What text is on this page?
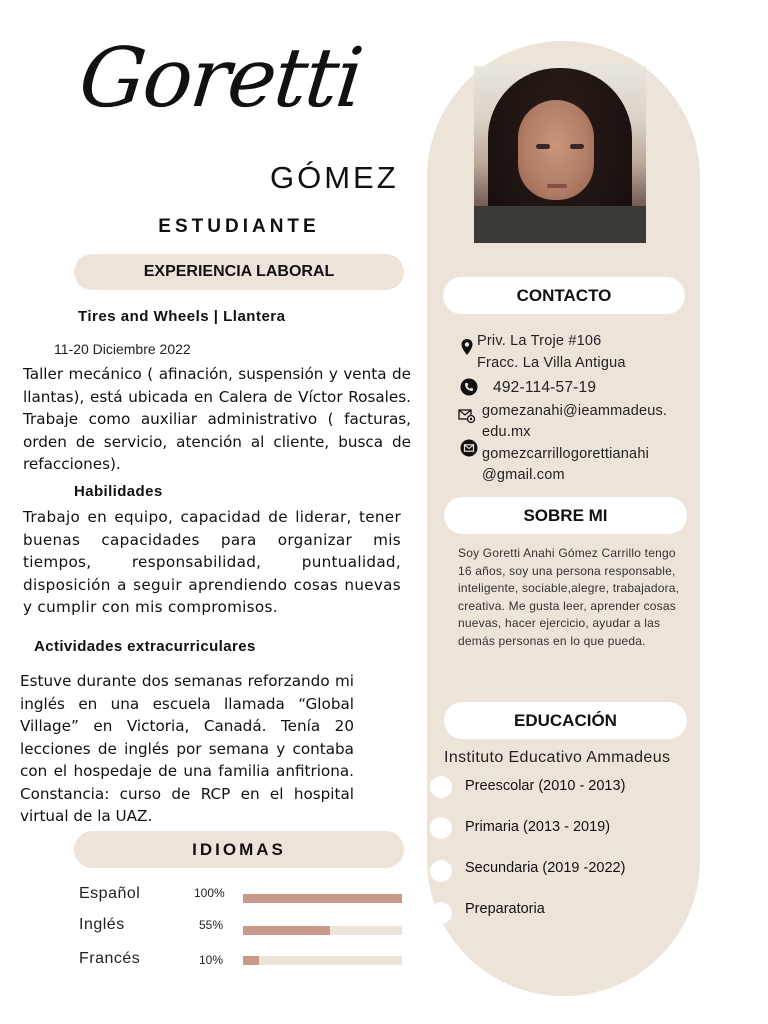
Goretti
GÓMEZ
ESTUDIANTE
EXPERIENCIA LABORAL
Tires and Wheels | Llantera
11-20 Diciembre 2022
Taller mecánico ( afinación, suspensión y venta de llantas), está ubicada en Calera de Víctor Rosales. Trabaje como auxiliar administrativo ( facturas, orden de servicio, atención al cliente, busca de refacciones).
Habilidades
Trabajo en equipo, capacidad de liderar, tener buenas capacidades para organizar mis tiempos, responsabilidad, puntualidad, disposición a seguir aprendiendo cosas nuevas y cumplir con mis compromisos.
Actividades extracurriculares
Estuve durante dos semanas reforzando mi inglés en una escuela llamada “Global Village” en Victoria, Canadá. Tenía 20 lecciones de inglés por semana y contaba con el hospedaje de una familia anfitriona. Constancia: curso de RCP en el hospital virtual de la UAZ.
IDIOMAS
Español	100%
Inglés	55%
Francés	10%
CONTACTO
Priv. La Troje #106
Fracc. La Villa Antigua
492-114-57-19
gomezanahi@ieammadeus.
edu.mx
gomezcarrillogorettianahi
@gmail.com
SOBRE MI
Soy Goretti Anahi Gómez Carrillo tengo 16 años, soy una persona responsable, inteligente, sociable,alegre, trabajadora, creativa. Me gusta leer, aprender cosas nuevas, hacer ejercicio, ayudar a las demás personas en lo que pueda.
EDUCACIÓN
Instituto Educativo Ammadeus
Preescolar (2010 - 2013)
Primaria (2013 - 2019)
Secundaria (2019 -2022)
Preparatoria
